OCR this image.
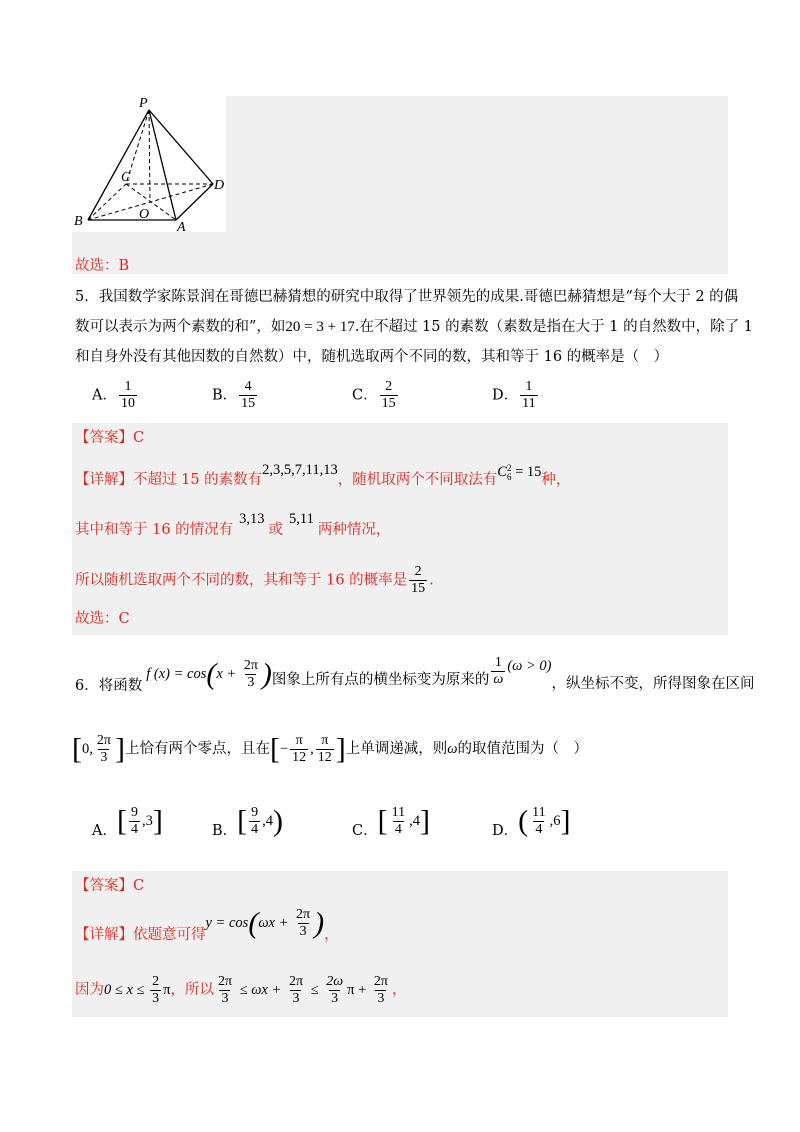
P
C
D
O
B	A
故选：B
5．我国数学家陈景润在哥德巴赫猜想的研究中取得了世界领先的成果.哥德巴赫猜想是“每个大于 2 的偶
数可以表示为两个素数的和”，如20 = 3 + 17.在不超过 15 的素数（素数是指在大于 1 的自然数中，除了 1
和自身外没有其他因数的自然数）中，随机选取两个不同的数，其和等于 16 的概率是（　）
A． $\frac{1}{10}$	B． $\frac{4}{15}$	C． $\frac{2}{15}$	D． $\frac{1}{11}$
【答案】C
【详解】不超过 15 的素数有2,3,5,7,11,13，随机取两个不同取法有C 2
6 = 15种，
其中和等于 16 的情况有3,13或5,11两种情况，
所以随机选取两个不同的数，其和等于 16 的概率是 $\frac{2}{15}$ .
故选：C
6．将函数f $(x) = \cos(x + \frac{2\pi}{3}$ )图象上所有点的横坐标变为原来的 $\frac{1}{\omega} (\omega > 0)$，纵坐标不变，所得图象在区间
[0, $\frac{2\pi}{3}$ ]上恰有两个零点，且在[− $\frac{\pi}{12}$ , $\frac{\pi}{12}$ ]上单调递减，则ω的取值范围为（　）
A．[ $\frac{9}{4} ,3$]	B．[ $\frac{9}{4} ,4$)	C．[ $\frac{11}{4} ,4$]	D．( $\frac{11}{4} ,6$]
【答案】C
【详解】依题意可得$y = \cos(\omega x + \frac{2\pi}{3}$ )，
因为$0 \le x \le \frac{2}{3}$ π，所以 $\frac{2\pi}{3} \le \omega x + \frac{2\pi}{3} \le \frac{2\omega}{3}$ $\pi + \frac{2\pi}{3}$ ，
